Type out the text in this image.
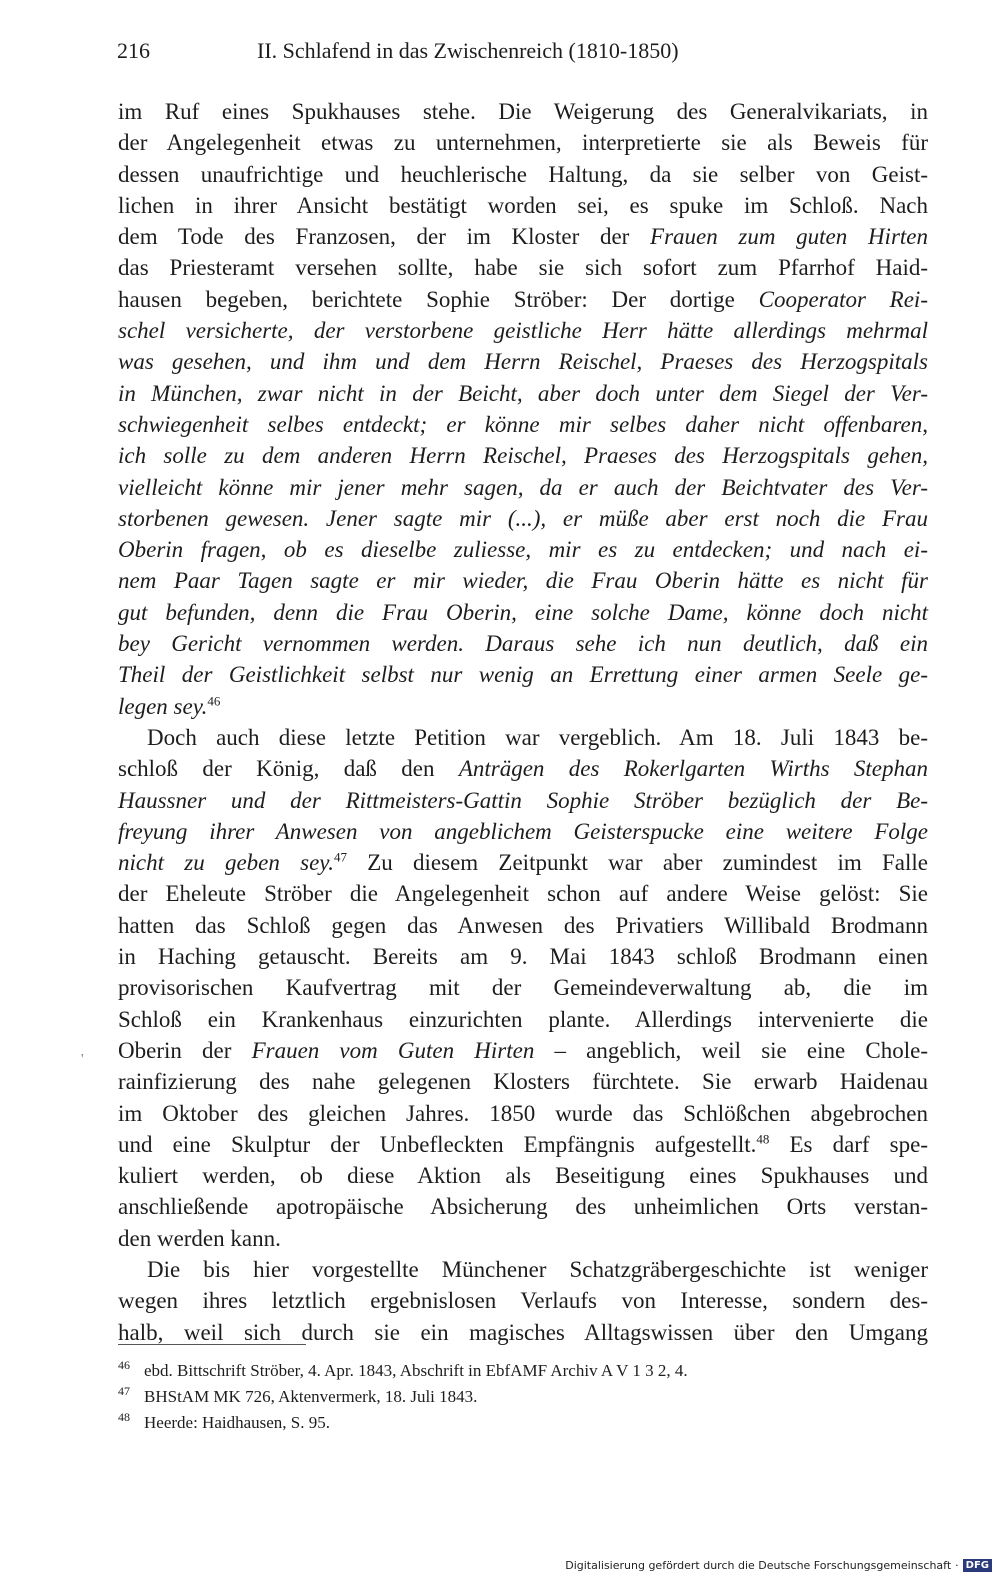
216	II. Schlafend in das Zwischenreich (1810-1850)
im Ruf eines Spukhauses stehe. Die Weigerung des Generalvikariats, in
der Angelegenheit etwas zu unternehmen, interpretierte sie als Beweis für
dessen unaufrichtige und heuchlerische Haltung, da sie selber von Geist-
lichen in ihrer Ansicht bestätigt worden sei, es spuke im Schloß. Nach
dem Tode des Franzosen, der im Kloster der Frauen zum guten Hirten
das Priesteramt versehen sollte, habe sie sich sofort zum Pfarrhof Haid-
hausen begeben, berichtete Sophie Ströber: Der dortige Cooperator Rei-
schel versicherte, der verstorbene geistliche Herr hätte allerdings mehrmal
was gesehen, und ihm und dem Herrn Reischel, Praeses des Herzogspitals
in München, zwar nicht in der Beicht, aber doch unter dem Siegel der Ver-
schwiegenheit selbes entdeckt; er könne mir selbes daher nicht offenbaren,
ich solle zu dem anderen Herrn Reischel, Praeses des Herzogspitals gehen,
vielleicht könne mir jener mehr sagen, da er auch der Beichtvater des Ver-
storbenen gewesen. Jener sagte mir (...), er müße aber erst noch die Frau
Oberin fragen, ob es dieselbe zuliesse, mir es zu entdecken; und nach ei-
nem Paar Tagen sagte er mir wieder, die Frau Oberin hätte es nicht für
gut befunden, denn die Frau Oberin, eine solche Dame, könne doch nicht
bey Gericht vernommen werden. Daraus sehe ich nun deutlich, daß ein
Theil der Geistlichkeit selbst nur wenig an Errettung einer armen Seele ge-
legen sey.$^{46}$
Doch auch diese letzte Petition war vergeblich. Am 18. Juli 1843 be-
schloß der König, daß den Anträgen des Rokerlgarten Wirths Stephan
Haussner und der Rittmeisters-Gattin Sophie Ströber bezüglich der Be-
freyung ihrer Anwesen von angeblichem Geisterspucke eine weitere Folge
nicht zu geben sey.$^{47}$ Zu diesem Zeitpunkt war aber zumindest im Falle
der Eheleute Ströber die Angelegenheit schon auf andere Weise gelöst: Sie
hatten das Schloß gegen das Anwesen des Privatiers Willibald Brodmann
in Haching getauscht. Bereits am 9. Mai 1843 schloß Brodmann einen
provisorischen Kaufvertrag mit der Gemeindeverwaltung ab, die im
Schloß ein Krankenhaus einzurichten plante. Allerdings intervenierte die
Oberin der Frauen vom Guten Hirten – angeblich, weil sie eine Chole-
rainfizierung des nahe gelegenen Klosters fürchtete. Sie erwarb Haidenau
im Oktober des gleichen Jahres. 1850 wurde das Schlößchen abgebrochen
und eine Skulptur der Unbefleckten Empfängnis aufgestellt.$^{48}$ Es darf spe-
kuliert werden, ob diese Aktion als Beseitigung eines Spukhauses und
anschließende apotropäische Absicherung des unheimlichen Orts verstan-
den werden kann.
Die bis hier vorgestellte Münchener Schatzgräbergeschichte ist weniger
wegen ihres letztlich ergebnislosen Verlaufs von Interesse, sondern des-
halb, weil sich durch sie ein magisches Alltagswissen über den Umgang
'
46 ebd. Bittschrift Ströber, 4. Apr. 1843, Abschrift in EbfAMF Archiv A V 1 3 2, 4.
47 BHStAM MK 726, Aktenvermerk, 18. Juli 1843.
48 Heerde: Haidhausen, S. 95.
Digitalisierung gefördert durch die Deutsche Forschungsgemeinschaft · DFG
